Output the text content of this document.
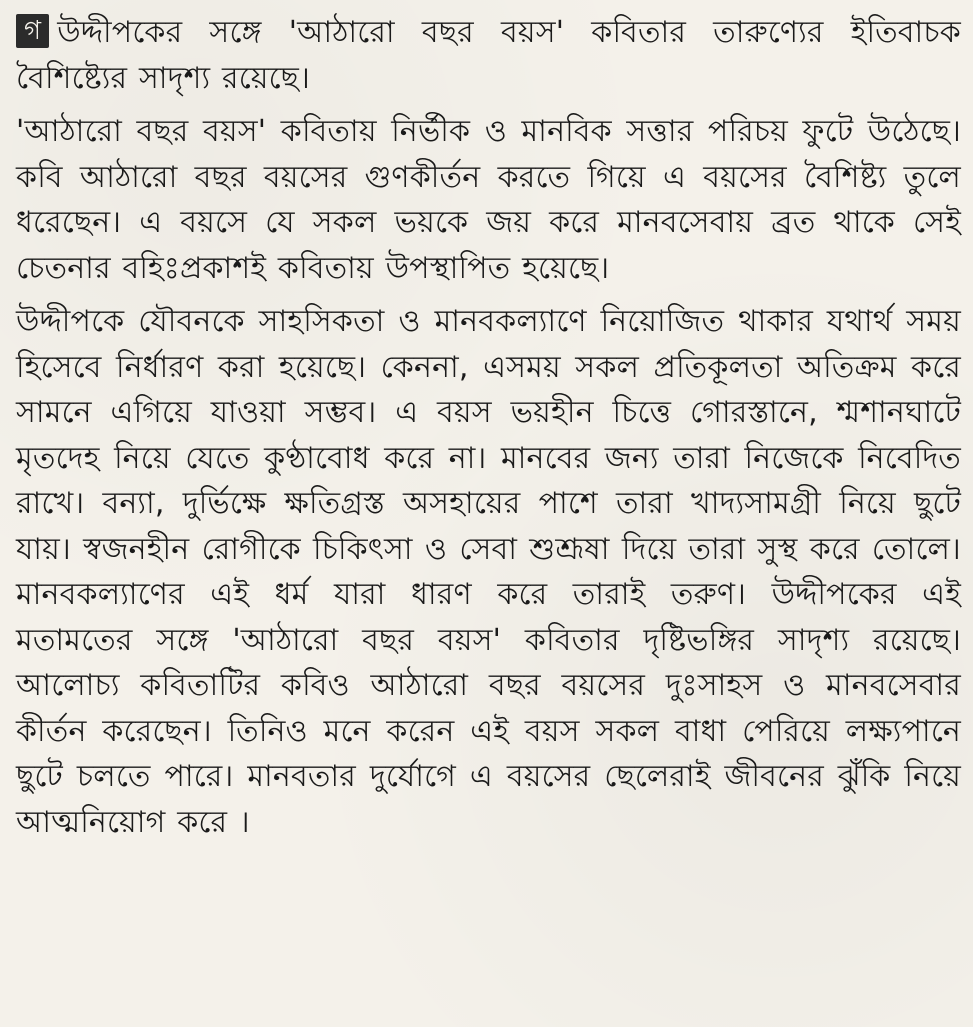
গ উদ্দীপকের সঙ্গে 'আঠারো বছর বয়স' কবিতার তারুণ্যের ইতিবাচক বৈশিষ্ট্যের সাদৃশ্য রয়েছে।

'আঠারো বছর বয়স' কবিতায় নির্ভীক ও মানবিক সত্তার পরিচয় ফুটে উঠেছে। কবি আঠারো বছর বয়সের গুণকীর্তন করতে গিয়ে এ বয়সের বৈশিষ্ট্য তুলে ধরেছেন। এ বয়সে যে সকল ভয়কে জয় করে মানবসেবায় ব্রত থাকে সেই চেতনার বহিঃপ্রকাশই কবিতায় উপস্থাপিত হয়েছে।

উদ্দীপকে যৌবনকে সাহসিকতা ও মানবকল্যাণে নিয়োজিত থাকার যথার্থ সময় হিসেবে নির্ধারণ করা হয়েছে। কেননা, এসময় সকল প্রতিকূলতা অতিক্রম করে সামনে এগিয়ে যাওয়া সম্ভব। এ বয়স ভয়হীন চিত্তে গোরস্তানে, শ্মশানঘাটে মৃতদেহ নিয়ে যেতে কুণ্ঠাবোধ করে না। মানবের জন্য তারা নিজেকে নিবেদিত রাখে। বন্যা, দুর্ভিক্ষে ক্ষতিগ্রস্ত অসহায়ের পাশে তারা খাদ্যসামগ্রী নিয়ে ছুটে যায়। স্বজনহীন রোগীকে চিকিৎসা ও সেবা শুশ্রূষা দিয়ে তারা সুস্থ করে তোলে। মানবকল্যাণের এই ধর্ম যারা ধারণ করে তারাই তরুণ। উদ্দীপকের এই মতামতের সঙ্গে 'আঠারো বছর বয়স' কবিতার দৃষ্টিভঙ্গির সাদৃশ্য রয়েছে। আলোচ্য কবিতাটির কবিও আঠারো বছর বয়সের দুঃসাহস ও মানবসেবার কীর্তন করেছেন। তিনিও মনে করেন এই বয়স সকল বাধা পেরিয়ে লক্ষ্যপানে ছুটে চলতে পারে। মানবতার দুর্যোগে এ বয়সের ছেলেরাই জীবনের ঝুঁকি নিয়ে আত্মনিয়োগ করে ।
